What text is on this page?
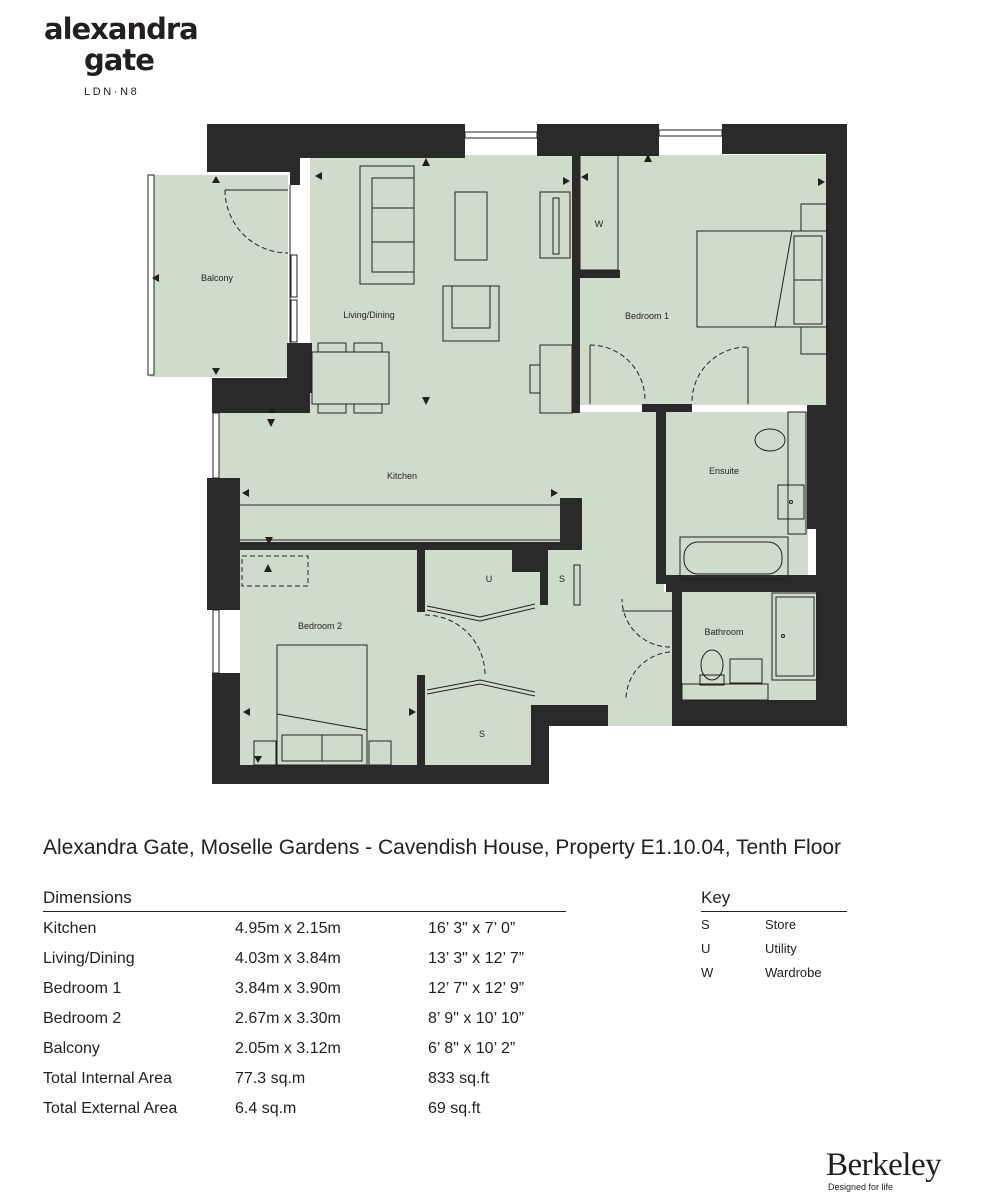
alexandra
gate
LDN·N8
Balcony
Living/Dining
W
Bedroom 1
Kitchen	Ensuite
U	S
Bedroom 2
Bathroom
S
Alexandra Gate, Moselle Gardens - Cavendish House, Property E1.10.04, Tenth Floor
Dimensions
Kitchen	4.95m x 2.15m	16’ 3" x 7’ 0”
Living/Dining	4.03m x 3.84m	13’ 3" x 12’ 7”
Bedroom 1	3.84m x 3.90m	12’ 7" x 12’ 9”
Bedroom 2	2.67m x 3.30m	8’ 9" x 10’ 10”
Balcony	2.05m x 3.12m	6’ 8" x 10’ 2”
Total Internal Area	77.3 sq.m	833 sq.ft
Total External Area	6.4 sq.m	69 sq.ft
Key
S	Store
U	Utility
W	Wardrobe
Berkeley
Designed for life
